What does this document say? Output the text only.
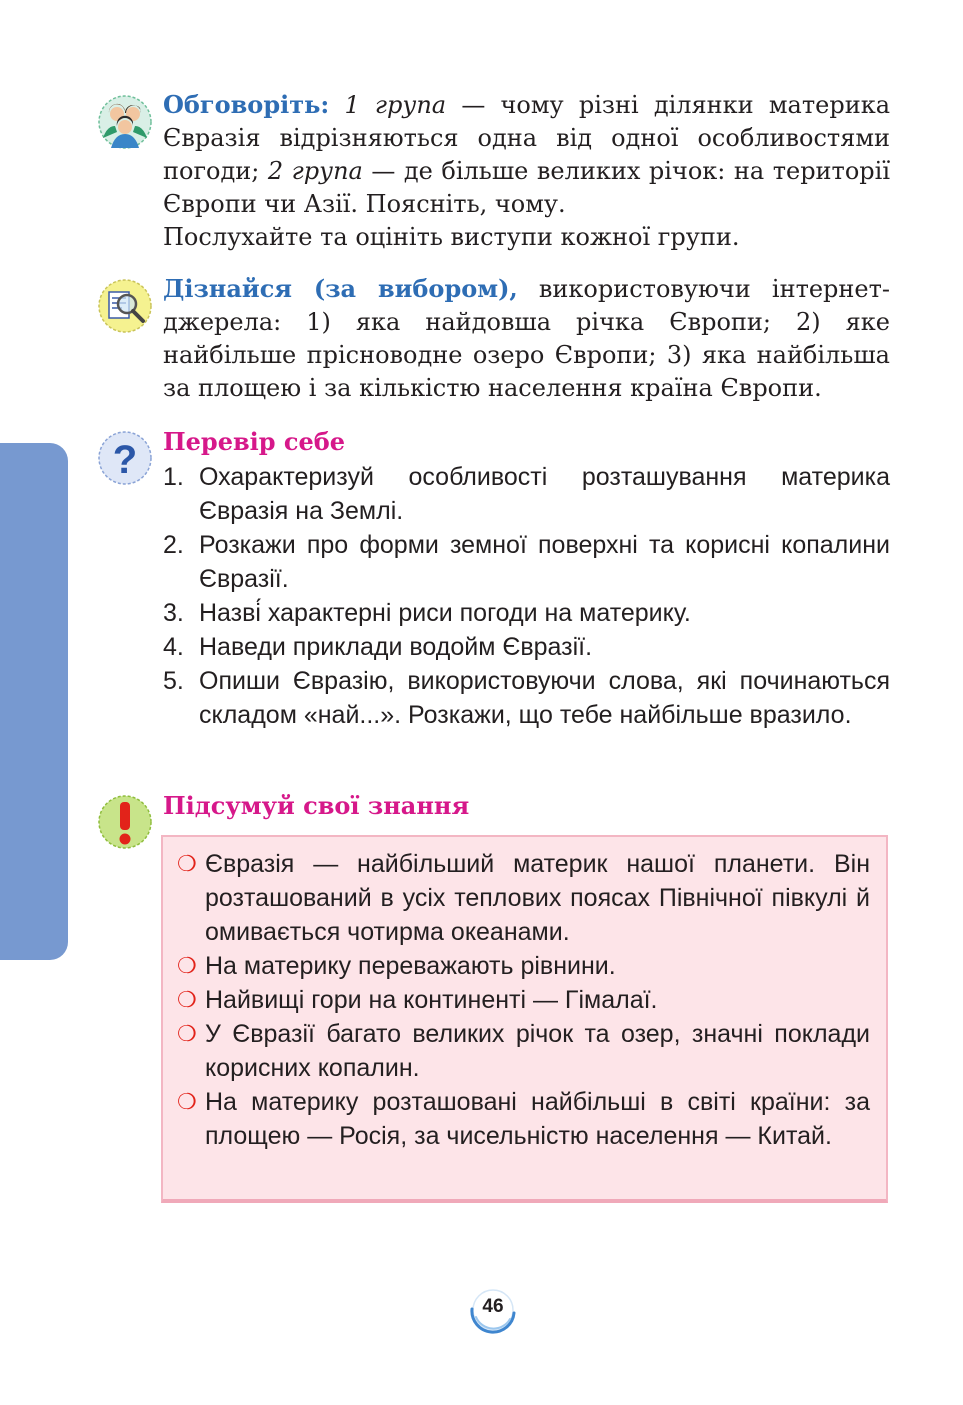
Обговоріть: 1 група — чому різні ділянки материка Євразія відрізняються одна від одної особливостями погоди; 2 група — де більше великих річок: на території Європи чи Азії. Поясніть, чому.

Послухайте та оцініть виступи кожної групи.

Дізнайся (за вибором), використовуючи інтернет-джерела: 1) яка найдовша річка Європи; 2) яке найбільше прісноводне озеро Європи; 3) яка найбільша за площею і за кількістю населення країна Європи.

? Перевір себе
1. Охарактеризуй особливості розташування материка Євразія на Землі.
2. Розкажи про форми земної поверхні та корисні копалини Євразії.
3. Назві́ характерні риси погоди на материку.
4. Наведи приклади водойм Євразії.
5. Опиши Євразію, використовуючи слова, які починаються складом «най...». Розкажи, що тебе найбільше вразило.
Підсумуй свої знання
❍ Євразія — найбільший материк нашої планети. Він розташований в усіх теплових поясах Північної півкулі й омивається чотирма океанами.
❍ На материку переважають рівнини.
❍ Найвищі гори на континенті — Гімалаї.
❍ У Євразії багато великих річок та озер, значні поклади корисних копалин.
❍ На материку розташовані найбільші в світі країни: за площею — Росія, за чисельністю населення — Китай.
46
